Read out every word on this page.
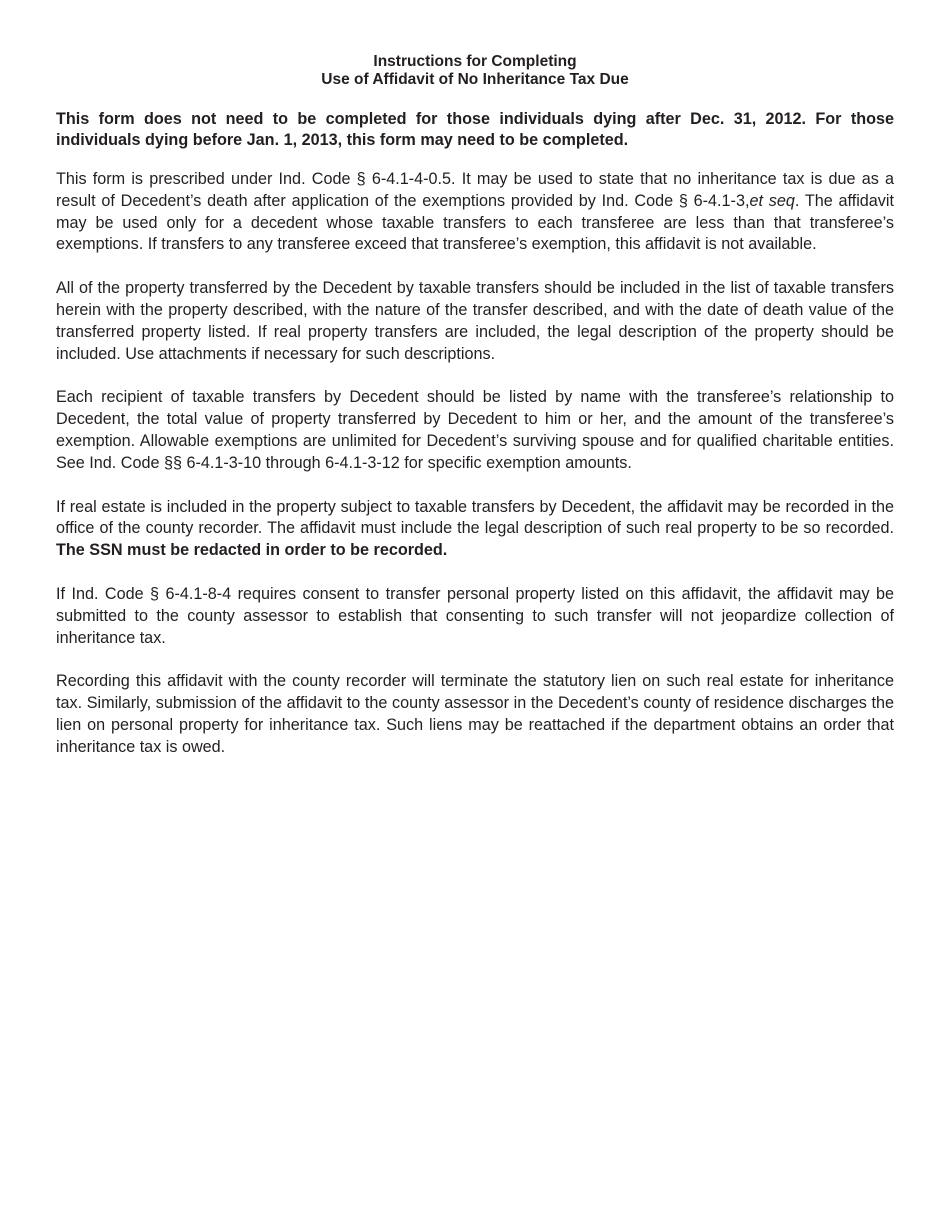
Instructions for Completing
Use of Affidavit of No Inheritance Tax Due

This form does not need to be completed for those individuals dying after Dec. 31, 2012. For those individuals dying before Jan. 1, 2013, this form may need to be completed.

This form is prescribed under Ind. Code § 6-4.1-4-0.5. It may be used to state that no inheritance tax is due as a result of Decedent’s death after application of the exemptions provided by Ind. Code § 6-4.1-3,et seq. The affidavit may be used only for a decedent whose taxable transfers to each transferee are less than that transferee’s exemptions. If transfers to any transferee exceed that transferee’s exemption, this affidavit is not available.

All of the property transferred by the Decedent by taxable transfers should be included in the list of taxable transfers herein with the property described, with the nature of the transfer described, and with the date of death value of the transferred property listed. If real property transfers are included, the legal description of the property should be included. Use attachments if necessary for such descriptions.

Each recipient of taxable transfers by Decedent should be listed by name with the transferee’s relationship to Decedent, the total value of property transferred by Decedent to him or her, and the amount of the transferee’s exemption. Allowable exemptions are unlimited for Decedent’s surviving spouse and for qualified charitable entities. See Ind. Code §§ 6-4.1-3-10 through 6-4.1-3-12 for specific exemption amounts.

If real estate is included in the property subject to taxable transfers by Decedent, the affidavit may be recorded in the office of the county recorder. The affidavit must include the legal description of such real property to be so recorded. The SSN must be redacted in order to be recorded.

If Ind. Code § 6-4.1-8-4 requires consent to transfer personal property listed on this affidavit, the affidavit may be submitted to the county assessor to establish that consenting to such transfer will not jeopardize collection of inheritance tax.

Recording this affidavit with the county recorder will terminate the statutory lien on such real estate for inheritance tax. Similarly, submission of the affidavit to the county assessor in the Decedent’s county of residence discharges the lien on personal property for inheritance tax. Such liens may be reattached if the department obtains an order that inheritance tax is owed.
